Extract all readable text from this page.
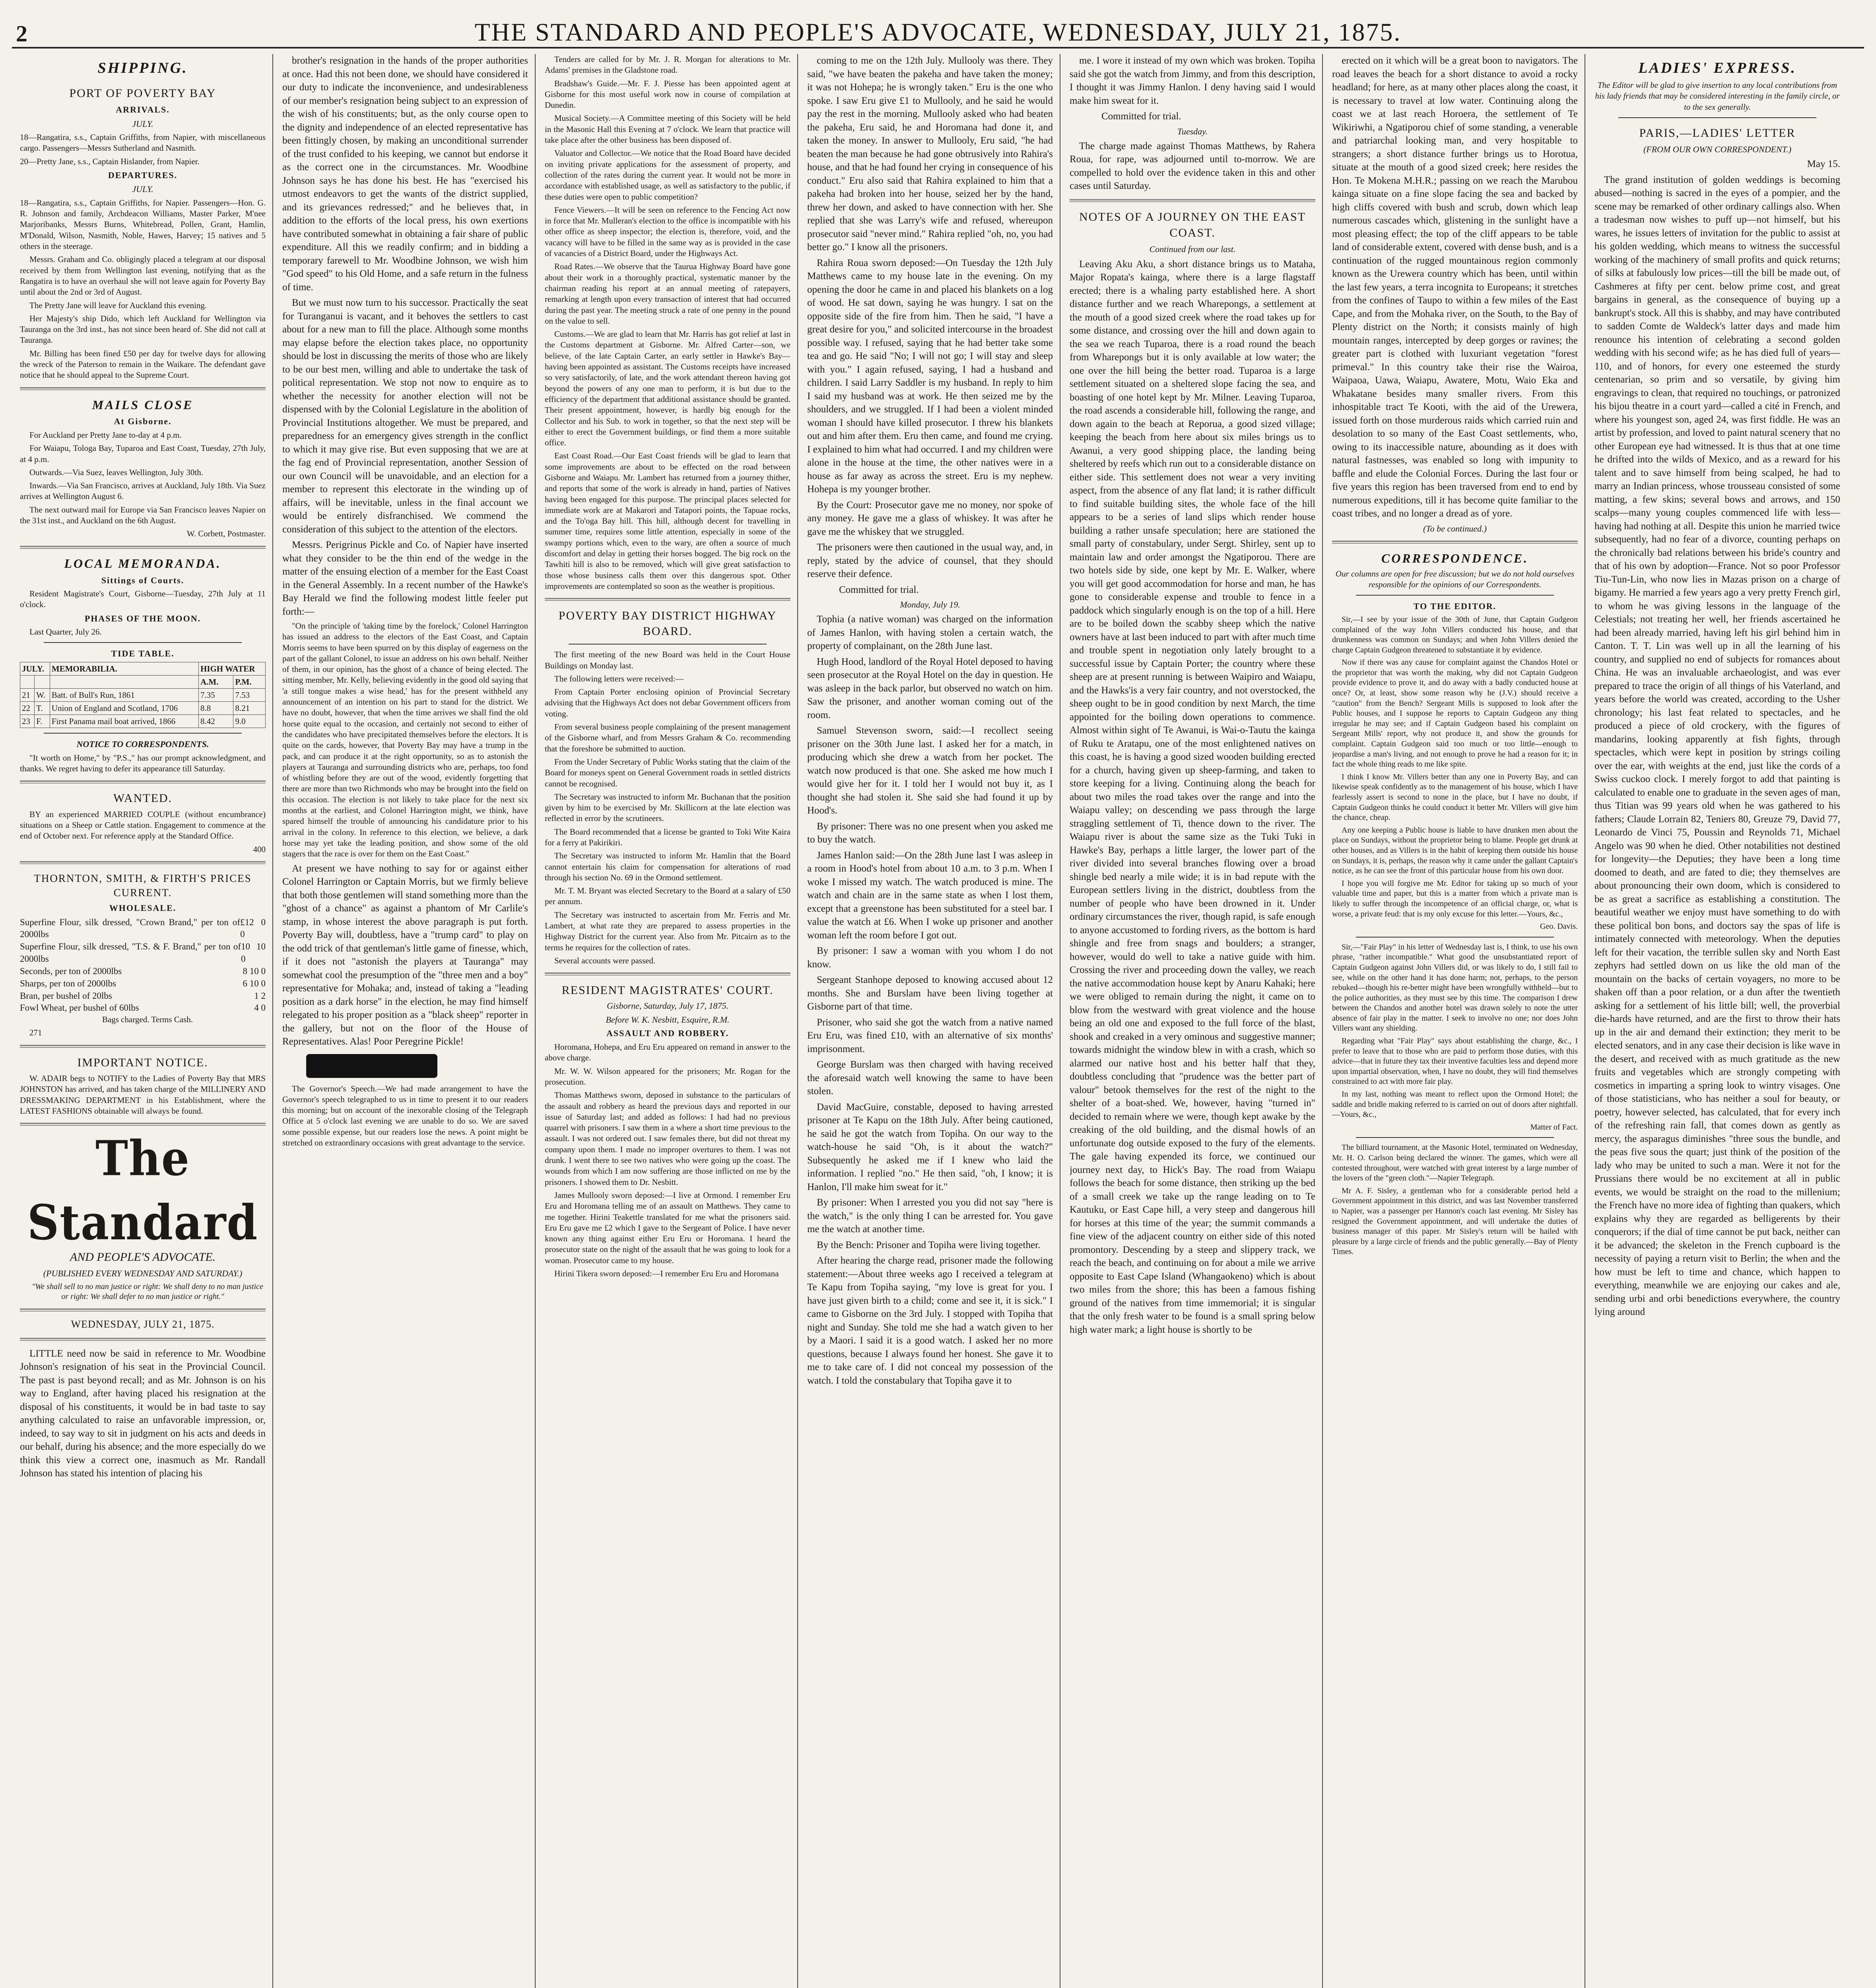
2	THE STANDARD AND PEOPLE'S ADVOCATE, WEDNESDAY, JULY 21, 1875.
SHIPPING.
PORT OF POVERTY BAY
ARRIVALS.
JULY.

18—Rangatira, s.s., Captain Griffiths, from Napier, with miscellaneous cargo. Passengers—Messrs Sutherland and Nasmith.

20—Pretty Jane, s.s., Captain Hislander, from Napier.

DEPARTURES.
JULY.

18—Rangatira, s.s., Captain Griffiths, for Napier. Passengers—Hon. G. R. Johnson and family, Archdeacon Williams, Master Parker, M'nee Marjoribanks, Messrs Burns, Whitebread, Pollen, Grant, Hamlin, M'Donald, Wilson, Nasmith, Noble, Hawes, Harvey; 15 natives and 5 others in the steerage.

Messrs. Graham and Co. obligingly placed a telegram at our disposal received by them from Wellington last evening, notifying that as the Rangatira is to have an overhaul she will not leave again for Poverty Bay until about the 2nd or 3rd of August.

The Pretty Jane will leave for Auckland this evening.

Her Majesty's ship Dido, which left Auckland for Wellington via Tauranga on the 3rd inst., has not since been heard of. She did not call at Tauranga.

Mr. Billing has been fined £50 per day for twelve days for allowing the wreck of the Paterson to remain in the Waikare. The defendant gave notice that he should appeal to the Supreme Court.

MAILS CLOSE
At Gisborne.

For Auckland per Pretty Jane to-day at 4 p.m.

For Waiapu, Tologa Bay, Tuparoa and East Coast, Tuesday, 27th July, at 4 p.m.

Outwards.—Via Suez, leaves Wellington, July 30th.

Inwards.—Via San Francisco, arrives at Auckland, July 18th. Via Suez arrives at Wellington August 6.

The next outward mail for Europe via San Francisco leaves Napier on the 31st inst., and Auckland on the 6th August.

W. Corbett, Postmaster.

LOCAL MEMORANDA.
Sittings of Courts.

Resident Magistrate's Court, Gisborne—Tuesday, 27th July at 11 o'clock.

PHASES OF THE MOON.

Last Quarter, July 26.

TIDE TABLE.
JULY.		MEMORABILIA.	HIGH WATER	
			A.M.	P.M.
21	W.	Batt. of Bull's Run, 1861	7.35	7.53
22	T.	Union of England and Scotland, 1706	8.8	8.21
23	F.	First Panama mail boat arrived, 1866	8.42	9.0
NOTICE TO CORRESPONDENTS.

"It worth on Home," by "P.S.," has our prompt acknowledgment, and thanks. We regret having to defer its appearance till Saturday.

WANTED.

BY an experienced MARRIED COUPLE (without encumbrance) situations on a Sheep or Cattle station. Engagement to commence at the end of October next. For reference apply at the Standard Office.

400

THORNTON, SMITH, & FIRTH'S PRICES CURRENT.
WHOLESALE.
Superfine Flour, silk dressed, "Crown Brand," per ton of 2000lbs
£12 0 0
Superfine Flour, silk dressed, "T.S. & F. Brand," per ton of 2000lbs
10 10 0
Seconds, per ton of 2000lbs	8 10 0
Sharps, per ton of 2000lbs	6 10 0
Bran, per bushel of 20lbs	1 2
Fowl Wheat, per bushel of 60lbs	4 0

Bags charged. Terms Cash.

271

IMPORTANT NOTICE.

W. ADAIR begs to NOTIFY to the Ladies of Poverty Bay that MRS JOHNSTON has arrived, and has taken charge of the MILLINERY AND DRESSMAKING DEPARTMENT in his Establishment, where the LATEST FASHIONS obtainable will always be found.

The Standard
AND PEOPLE'S ADVOCATE.
(PUBLISHED EVERY WEDNESDAY AND SATURDAY.)

"We shall sell to no man justice or right: We shall deny to no man justice or right: We shall defer to no man justice or right."

WEDNESDAY, JULY 21, 1875.

LITTLE need now be said in reference to Mr. Woodbine Johnson's resignation of his seat in the Provincial Council. The past is past beyond recall; and as Mr. Johnson is on his way to England, after having placed his resignation at the disposal of his constituents, it would be in bad taste to say anything calculated to raise an unfavorable impression, or, indeed, to say way to sit in judgment on his acts and deeds in our behalf, during his absence; and the more especially do we think this view a correct one, inasmuch as Mr. Randall Johnson has stated his intention of placing his

brother's resignation in the hands of the proper authorities at once. Had this not been done, we should have considered it our duty to indicate the inconvenience, and undesirableness of our member's resignation being subject to an expression of the wish of his constituents; but, as the only course open to the dignity and independence of an elected representative has been fittingly chosen, by making an unconditional surrender of the trust confided to his keeping, we cannot but endorse it as the correct one in the circumstances. Mr. Woodbine Johnson says he has done his best. He has "exercised his utmost endeavors to get the wants of the district supplied, and its grievances redressed;" and he believes that, in addition to the efforts of the local press, his own exertions have contributed somewhat in obtaining a fair share of public expenditure. All this we readily confirm; and in bidding a temporary farewell to Mr. Woodbine Johnson, we wish him "God speed" to his Old Home, and a safe return in the fulness of time.

But we must now turn to his successor. Practically the seat for Turanganui is vacant, and it behoves the settlers to cast about for a new man to fill the place. Although some months may elapse before the election takes place, no opportunity should be lost in discussing the merits of those who are likely to be our best men, willing and able to undertake the task of political representation. We stop not now to enquire as to whether the necessity for another election will not be dispensed with by the Colonial Legislature in the abolition of Provincial Institutions altogether. We must be prepared, and preparedness for an emergency gives strength in the conflict to which it may give rise. But even supposing that we are at the fag end of Provincial representation, another Session of our own Council will be unavoidable, and an election for a member to represent this electorate in the winding up of affairs, will be inevitable, unless in the final account we would be entirely disfranchised. We commend the consideration of this subject to the attention of the electors.

Messrs. Perigrinus Pickle and Co. of Napier have inserted what they consider to be the thin end of the wedge in the matter of the ensuing election of a member for the East Coast in the General Assembly. In a recent number of the Hawke's Bay Herald we find the following modest little feeler put forth:—

"On the principle of 'taking time by the forelock,' Colonel Harrington has issued an address to the electors of the East Coast, and Captain Morris seems to have been spurred on by this display of eagerness on the part of the gallant Colonel, to issue an address on his own behalf. Neither of them, in our opinion, has the ghost of a chance of being elected. The sitting member, Mr. Kelly, believing evidently in the good old saying that 'a still tongue makes a wise head,' has for the present withheld any announcement of an intention on his part to stand for the district. We have no doubt, however, that when the time arrives we shall find the old horse quite equal to the occasion, and certainly not second to either of the candidates who have precipitated themselves before the electors. It is quite on the cards, however, that Poverty Bay may have a trump in the pack, and can produce it at the right opportunity, so as to astonish the players at Tauranga and surrounding districts who are, perhaps, too fond of whistling before they are out of the wood, evidently forgetting that there are more than two Richmonds who may be brought into the field on this occasion. The election is not likely to take place for the next six months at the earliest, and Colonel Harrington might, we think, have spared himself the trouble of announcing his candidature prior to his arrival in the colony. In reference to this election, we believe, a dark horse may yet take the leading position, and show some of the old stagers that the race is over for them on the East Coast."

At present we have nothing to say for or against either Colonel Harrington or Captain Morris, but we firmly believe that both those gentlemen will stand something more than the "ghost of a chance" as against a phantom of Mr Carlile's stamp, in whose interest the above paragraph is put forth. Poverty Bay will, doubtless, have a "trump card" to play on the odd trick of that gentleman's little game of finesse, which, if it does not "astonish the players at Tauranga" may somewhat cool the presumption of the "three men and a boy" representative for Mohaka; and, instead of taking a "leading position as a dark horse" in the election, he may find himself relegated to his proper position as a "black sheep" reporter in the gallery, but not on the floor of the House of Representatives. Alas! Poor Peregrine Pickle!

The Governor's Speech.—We had made arrangement to have the Governor's speech telegraphed to us in time to present it to our readers this morning; but on account of the inexorable closing of the Telegraph Office at 5 o'clock last evening we are unable to do so. We are saved some possible expense, but our readers lose the news. A point might be stretched on extraordinary occasions with great advantage to the service.

Tenders are called for by Mr. J. R. Morgan for alterations to Mr. Adams' premises in the Gladstone road.

Bradshaw's Guide.—Mr. F. J. Piesse has been appointed agent at Gisborne for this most useful work now in course of compilation at Dunedin.

Musical Society.—A Committee meeting of this Society will be held in the Masonic Hall this Evening at 7 o'clock. We learn that practice will take place after the other business has been disposed of.

Valuator and Collector.—We notice that the Road Board have decided on inviting private applications for the assessment of property, and collection of the rates during the current year. It would not be more in accordance with established usage, as well as satisfactory to the public, if these duties were open to public competition?

Fence Viewers.—It will be seen on reference to the Fencing Act now in force that Mr. Mulleran's election to the office is incompatible with his other office as sheep inspector; the election is, therefore, void, and the vacancy will have to be filled in the same way as is provided in the case of vacancies of a District Board, under the Highways Act.

Road Rates.—We observe that the Taurua Highway Board have gone about their work in a thoroughly practical, systematic manner by the chairman reading his report at an annual meeting of ratepayers, remarking at length upon every transaction of interest that had occurred during the past year. The meeting struck a rate of one penny in the pound on the value to sell.

Customs.—We are glad to learn that Mr. Harris has got relief at last in the Customs department at Gisborne. Mr. Alfred Carter—son, we believe, of the late Captain Carter, an early settler in Hawke's Bay—having been appointed as assistant. The Customs receipts have increased so very satisfactorily, of late, and the work attendant thereon having got beyond the powers of any one man to perform, it is but due to the efficiency of the department that additional assistance should be granted. Their present appointment, however, is hardly big enough for the Collector and his Sub. to work in together, so that the next step will be either to erect the Government buildings, or find them a more suitable office.

East Coast Road.—Our East Coast friends will be glad to learn that some improvements are about to be effected on the road between Gisborne and Waiapu. Mr. Lambert has returned from a journey thither, and reports that some of the work is already in hand, parties of Natives having been engaged for this purpose. The principal places selected for immediate work are at Makarori and Tatapori points, the Tapuae rocks, and the To'oga Bay hill. This hill, although decent for travelling in summer time, requires some little attention, especially in some of the swampy portions which, even to the wary, are often a source of much discomfort and delay in getting their horses bogged. The big rock on the Tawhiti hill is also to be removed, which will give great satisfaction to those whose business calls them over this dangerous spot. Other improvements are contemplated so soon as the weather is propitious.

POVERTY BAY DISTRICT HIGHWAY BOARD.

The first meeting of the new Board was held in the Court House Buildings on Monday last.

The following letters were received:—

From Captain Porter enclosing opinion of Provincial Secretary advising that the Highways Act does not debar Government officers from voting.

From several business people complaining of the present management of the Gisborne wharf, and from Messrs Graham & Co. recommending that the foreshore be submitted to auction.

From the Under Secretary of Public Works stating that the claim of the Board for moneys spent on General Government roads in settled districts cannot be recognised.

The Secretary was instructed to inform Mr. Buchanan that the position given by him to be exercised by Mr. Skillicorn at the late election was reflected in error by the scrutineers.

The Board recommended that a license be granted to Toki Wite Kaira for a ferry at Pakirikiri.

The Secretary was instructed to inform Mr. Hamlin that the Board cannot entertain his claim for compensation for alterations of road through his section No. 69 in the Ormond settlement.

Mr. T. M. Bryant was elected Secretary to the Board at a salary of £50 per annum.

The Secretary was instructed to ascertain from Mr. Ferris and Mr. Lambert, at what rate they are prepared to assess properties in the Highway District for the current year. Also from Mr. Pitcairn as to the terms he requires for the collection of rates.

Several accounts were passed.

RESIDENT MAGISTRATES' COURT.
Gisborne, Saturday, July 17, 1875.
Before W. K. Nesbitt, Esquire, R.M.
ASSAULT AND ROBBERY.

Horomana, Hohepa, and Eru Eru appeared on remand in answer to the above charge.

Mr. W. W. Wilson appeared for the prisoners; Mr. Rogan for the prosecution.

Thomas Matthews sworn, deposed in substance to the particulars of the assault and robbery as heard the previous days and reported in our issue of Saturday last; and added as follows: I had had no previous quarrel with prisoners. I saw them in a where a short time previous to the assault. I was not ordered out. I saw females there, but did not threat my company upon them. I made no improper overtures to them. I was not drunk. I went there to see two natives who were going up the coast. The wounds from which I am now suffering are those inflicted on me by the prisoners. I showed them to Dr. Nesbitt.

James Mullooly sworn deposed:—I live at Ormond. I remember Eru Eru and Horomana telling me of an assault on Matthews. They came to me together. Hirini Teakettle translated for me what the prisoners said. Eru Eru gave me £2 which I gave to the Sergeant of Police. I have never known any thing against either Eru Eru or Horomana. I heard the prosecutor state on the night of the assault that he was going to look for a woman. Prosecutor came to my house.

Hirini Tikera sworn deposed:—I remember Eru Eru and Horomana

coming to me on the 12th July. Mullooly was there. They said, "we have beaten the pakeha and have taken the money; it was not Hohepa; he is wrongly taken." Eru is the one who spoke. I saw Eru give £1 to Mullooly, and he said he would pay the rest in the morning. Mullooly asked who had beaten the pakeha, Eru said, he and Horomana had done it, and taken the money. In answer to Mullooly, Eru said, "he had beaten the man because he had gone obtrusively into Rahira's house, and that he had found her crying in consequence of his conduct." Eru also said that Rahira explained to him that a pakeha had broken into her house, seized her by the hand, threw her down, and asked to have connection with her. She replied that she was Larry's wife and refused, whereupon prosecutor said "never mind." Rahira replied "oh, no, you had better go." I know all the prisoners.

Rahira Roua sworn deposed:—On Tuesday the 12th July Matthews came to my house late in the evening. On my opening the door he came in and placed his blankets on a log of wood. He sat down, saying he was hungry. I sat on the opposite side of the fire from him. Then he said, "I have a great desire for you," and solicited intercourse in the broadest possible way. I refused, saying that he had better take some tea and go. He said "No; I will not go; I will stay and sleep with you." I again refused, saying, I had a husband and children. I said Larry Saddler is my husband. In reply to him I said my husband was at work. He then seized me by the shoulders, and we struggled. If I had been a violent minded woman I should have killed prosecutor. I threw his blankets out and him after them. Eru then came, and found me crying. I explained to him what had occurred. I and my children were alone in the house at the time, the other natives were in a house as far away as across the street. Eru is my nephew. Hohepa is my younger brother.

By the Court: Prosecutor gave me no money, nor spoke of any money. He gave me a glass of whiskey. It was after he gave me the whiskey that we struggled.

The prisoners were then cautioned in the usual way, and, in reply, stated by the advice of counsel, that they should reserve their defence.

Committed for trial.

Monday, July 19.

Tophia (a native woman) was charged on the information of James Hanlon, with having stolen a certain watch, the property of complainant, on the 28th June last.

Hugh Hood, landlord of the Royal Hotel deposed to having seen prosecutor at the Royal Hotel on the day in question. He was asleep in the back parlor, but observed no watch on him. Saw the prisoner, and another woman coming out of the room.

Samuel Stevenson sworn, said:—I recollect seeing prisoner on the 30th June last. I asked her for a match, in producing which she drew a watch from her pocket. The watch now produced is that one. She asked me how much I would give her for it. I told her I would not buy it, as I thought she had stolen it. She said she had found it up by Hood's.

By prisoner: There was no one present when you asked me to buy the watch.

James Hanlon said:—On the 28th June last I was asleep in a room in Hood's hotel from about 10 a.m. to 3 p.m. When I woke I missed my watch. The watch produced is mine. The watch and chain are in the same state as when I lost them, except that a greenstone has been substituted for a steel bar. I value the watch at £6. When I woke up prisoner and another woman left the room before I got out.

By prisoner: I saw a woman with you whom I do not know.

Sergeant Stanhope deposed to knowing accused about 12 months. She and Burslam have been living together at Gisborne part of that time.

Prisoner, who said she got the watch from a native named Eru Eru, was fined £10, with an alternative of six months' imprisonment.

George Burslam was then charged with having received the aforesaid watch well knowing the same to have been stolen.

David MacGuire, constable, deposed to having arrested prisoner at Te Kapu on the 18th July. After being cautioned, he said he got the watch from Topiha. On our way to the watch-house he said "Oh, is it about the watch?" Subsequently he asked me if I knew who laid the information. I replied "no." He then said, "oh, I know; it is Hanlon, I'll make him sweat for it."

By prisoner: When I arrested you you did not say "here is the watch," is the only thing I can be arrested for. You gave me the watch at another time.

By the Bench: Prisoner and Topiha were living together.

After hearing the charge read, prisoner made the following statement:—About three weeks ago I received a telegram at Te Kapu from Topiha saying, "my love is great for you. I have just given birth to a child; come and see it, it is sick." I came to Gisborne on the 3rd July. I stopped with Topiha that night and Sunday. She told me she had a watch given to her by a Maori. I said it is a good watch. I asked her no more questions, because I always found her honest. She gave it to me to take care of. I did not conceal my possession of the watch. I told the constabulary that Topiha gave it to

me. I wore it instead of my own which was broken. Topiha said she got the watch from Jimmy, and from this description, I thought it was Jimmy Hanlon. I deny having said I would make him sweat for it.

Committed for trial.

Tuesday.

The charge made against Thomas Matthews, by Rahera Roua, for rape, was adjourned until to-morrow. We are compelled to hold over the evidence taken in this and other cases until Saturday.

NOTES OF A JOURNEY ON THE EAST COAST.
Continued from our last.

Leaving Aku Aku, a short distance brings us to Mataha, Major Ropata's kainga, where there is a large flagstaff erected; there is a whaling party established here. A short distance further and we reach Wharepongs, a settlement at the mouth of a good sized creek where the road takes up for some distance, and crossing over the hill and down again to the sea we reach Tuparoa, there is a road round the beach from Wharepongs but it is only available at low water; the one over the hill being the better road. Tuparoa is a large settlement situated on a sheltered slope facing the sea, and boasting of one hotel kept by Mr. Milner. Leaving Tuparoa, the road ascends a considerable hill, following the range, and down again to the beach at Reporua, a good sized village; keeping the beach from here about six miles brings us to Awanui, a very good shipping place, the landing being sheltered by reefs which run out to a considerable distance on either side. This settlement does not wear a very inviting aspect, from the absence of any flat land; it is rather difficult to find suitable building sites, the whole face of the hill appears to be a series of land slips which render house building a rather unsafe speculation; here are stationed the small party of constabulary, under Sergt. Shirley, sent up to maintain law and order amongst the Ngatiporou. There are two hotels side by side, one kept by Mr. E. Walker, where you will get good accommodation for horse and man, he has gone to considerable expense and trouble to fence in a paddock which singularly enough is on the top of a hill. Here are to be boiled down the scabby sheep which the native owners have at last been induced to part with after much time and trouble spent in negotiation only lately brought to a successful issue by Captain Porter; the country where these sheep are at present running is between Waipiro and Waiapu, and the Hawks'is a very fair country, and not overstocked, the sheep ought to be in good condition by next March, the time appointed for the boiling down operations to commence. Almost within sight of Te Awanui, is Wai-o-Tautu the kainga of Ruku te Aratapu, one of the most enlightened natives on this coast, he is having a good sized wooden building erected for a church, having given up sheep-farming, and taken to store keeping for a living. Continuing along the beach for about two miles the road takes over the range and into the Waiapu valley; on descending we pass through the large straggling settlement of Ti, thence down to the river. The Waiapu river is about the same size as the Tuki Tuki in Hawke's Bay, perhaps a little larger, the lower part of the river divided into several branches flowing over a broad shingle bed nearly a mile wide; it is in bad repute with the European settlers living in the district, doubtless from the number of people who have been drowned in it. Under ordinary circumstances the river, though rapid, is safe enough to anyone accustomed to fording rivers, as the bottom is hard shingle and free from snags and boulders; a stranger, however, would do well to take a native guide with him. Crossing the river and proceeding down the valley, we reach the native accommodation house kept by Anaru Kahaki; here we were obliged to remain during the night, it came on to blow from the westward with great violence and the house being an old one and exposed to the full force of the blast, shook and creaked in a very ominous and suggestive manner; towards midnight the window blew in with a crash, which so alarmed our native host and his better half that they, doubtless concluding that "prudence was the better part of valour" betook themselves for the rest of the night to the shelter of a boat-shed. We, however, having "turned in" decided to remain where we were, though kept awake by the creaking of the old building, and the dismal howls of an unfortunate dog outside exposed to the fury of the elements. The gale having expended its force, we continued our journey next day, to Hick's Bay. The road from Waiapu follows the beach for some distance, then striking up the bed of a small creek we take up the range leading on to Te Kautuku, or East Cape hill, a very steep and dangerous hill for horses at this time of the year; the summit commands a fine view of the adjacent country on either side of this noted promontory. Descending by a steep and slippery track, we reach the beach, and continuing on for about a mile we arrive opposite to East Cape Island (Whangaokeno) which is about two miles from the shore; this has been a famous fishing ground of the natives from time immemorial; it is singular that the only fresh water to be found is a small spring below high water mark; a light house is shortly to be

erected on it which will be a great boon to navigators. The road leaves the beach for a short distance to avoid a rocky headland; for here, as at many other places along the coast, it is necessary to travel at low water. Continuing along the coast we at last reach Horoera, the settlement of Te Wikiriwhi, a Ngatiporou chief of some standing, a venerable and patriarchal looking man, and very hospitable to strangers; a short distance further brings us to Horotua, situate at the mouth of a good sized creek; here resides the Hon. Te Mokena M.H.R.; passing on we reach the Marubou kainga situate on a fine slope facing the sea and backed by high cliffs covered with bush and scrub, down which leap numerous cascades which, glistening in the sunlight have a most pleasing effect; the top of the cliff appears to be table land of considerable extent, covered with dense bush, and is a continuation of the rugged mountainous region commonly known as the Urewera country which has been, until within the last few years, a terra incognita to Europeans; it stretches from the confines of Taupo to within a few miles of the East Cape, and from the Mohaka river, on the South, to the Bay of Plenty district on the North; it consists mainly of high mountain ranges, intercepted by deep gorges or ravines; the greater part is clothed with luxuriant vegetation "forest primeval." In this country take their rise the Wairoa, Waipaoa, Uawa, Waiapu, Awatere, Motu, Waio Eka and Whakatane besides many smaller rivers. From this inhospitable tract Te Kooti, with the aid of the Urewera, issued forth on those murderous raids which carried ruin and desolation to so many of the East Coast settlements, who, owing to its inaccessible nature, abounding as it does with natural fastnesses, was enabled so long with impunity to baffle and elude the Colonial Forces. During the last four or five years this region has been traversed from end to end by numerous expeditions, till it has become quite familiar to the coast tribes, and no longer a dread as of yore.

(To be continued.)
CORRESPONDENCE.

Our columns are open for free discussion; but we do not hold ourselves responsible for the opinions of our Correspondents.

TO THE EDITOR.

Sir,—I see by your issue of the 30th of June, that Captain Gudgeon complained of the way John Villers conducted his house, and that drunkenness was common on Sundays; and when John Villers denied the charge Captain Gudgeon threatened to substantiate it by evidence.

Now if there was any cause for complaint against the Chandos Hotel or the proprietor that was worth the making, why did not Captain Gudgeon provide evidence to prove it, and do away with a badly conducted house at once? Or, at least, show some reason why he (J.V.) should receive a "caution" from the Bench? Sergeant Mills is supposed to look after the Public houses, and I suppose he reports to Captain Gudgeon any thing irregular he may see; and if Captain Gudgeon based his complaint on Sergeant Mills' report, why not produce it, and show the grounds for complaint. Captain Gudgeon said too much or too little—enough to jeopardise a man's living, and not enough to prove he had a reason for it; in fact the whole thing reads to me like spite.

I think I know Mr. Villers better than any one in Poverty Bay, and can likewise speak confidently as to the management of his house, which I have fearlessly assert is second to none in the place, but I have no doubt, if Captain Gudgeon thinks he could conduct it better Mr. Villers will give him the chance, cheap.

Any one keeping a Public house is liable to have drunken men about the place on Sundays, without the proprietor being to blame. People get drunk at other houses, and as Villers is in the habit of keeping them outside his house on Sundays, it is, perhaps, the reason why it came under the gallant Captain's notice, as he can see the front of this particular house from his own door.

I hope you will forgive me Mr. Editor for taking up so much of your valuable time and paper, but this is a matter from which a private man is likely to suffer through the incompetence of an official charge, or, what is worse, a private feud: that is my only excuse for this letter.—Yours, &c.,

Geo. Davis.

Sir,—"Fair Play" in his letter of Wednesday last is, I think, to use his own phrase, "rather incompatible." What good the unsubstantiated report of Captain Gudgeon against John Villers did, or was likely to do, I still fail to see, while on the other hand it has done harm; not, perhaps, to the person rebuked—though his re-better might have been wrongfully withheld—but to the police authorities, as they must see by this time. The comparison I drew between the Chandos and another hotel was drawn solely to note the utter absence of fair play in the matter. I seek to involve no one; nor does John Villers want any shielding.

Regarding what "Fair Play" says about establishing the charge, &c., I prefer to leave that to those who are paid to perform those duties, with this advice—that in future they tax their inventive faculties less and depend more upon impartial observation, when, I have no doubt, they will find themselves constrained to act with more fair play.

In my last, nothing was meant to reflect upon the Ormond Hotel; the saddle and bridle making referred to is carried on out of doors after nightfall.—Yours, &c.,

Matter of Fact.

The billiard tournament, at the Masonic Hotel, terminated on Wednesday, Mr. H. O. Carlson being declared the winner. The games, which were all contested throughout, were watched with great interest by a large number of the lovers of the "green cloth."—Napier Telegraph.

Mr A. F. Sisley, a gentleman who for a considerable period held a Government appointment in this district, and was last November transferred to Napier, was a passenger per Hannon's coach last evening. Mr Sisley has resigned the Government appointment, and will undertake the duties of business manager of this paper. Mr Sisley's return will be hailed with pleasure by a large circle of friends and the public generally.—Bay of Plenty Times.

LADIES' EXPRESS.

The Editor will be glad to give insertion to any local contributions from his lady friends that may be considered interesting in the family circle, or to the sex generally.

PARIS,—LADIES' LETTER
(FROM OUR OWN CORRESPONDENT.)

May 15.

The grand institution of golden weddings is becoming abused—nothing is sacred in the eyes of a pompier, and the scene may be remarked of other ordinary callings also. When a tradesman now wishes to puff up—not himself, but his wares, he issues letters of invitation for the public to assist at his golden wedding, which means to witness the successful working of the machinery of small profits and quick returns; of silks at fabulously low prices—till the bill be made out, of Cashmeres at fifty per cent. below prime cost, and great bargains in general, as the consequence of buying up a bankrupt's stock. All this is shabby, and may have contributed to sadden Comte de Waldeck's latter days and made him renounce his intention of celebrating a second golden wedding with his second wife; as he has died full of years—110, and of honors, for every one esteemed the sturdy centenarian, so prim and so versatile, by giving him engravings to clean, that required no touchings, or patronized his bijou theatre in a court yard—called a cité in French, and where his youngest son, aged 24, was first fiddle. He was an artist by profession, and loved to paint natural scenery that no other European eye had witnessed. It is thus that at one time he drifted into the wilds of Mexico, and as a reward for his talent and to save himself from being scalped, he had to marry an Indian princess, whose trousseau consisted of some matting, a few skins; several bows and arrows, and 150 scalps—many young couples commenced life with less—having had nothing at all. Despite this union he married twice subsequently, had no fear of a divorce, counting perhaps on the chronically bad relations between his bride's country and that of his own by adoption—France. Not so poor Professor Tiu-Tun-Lin, who now lies in Mazas prison on a charge of bigamy. He married a few years ago a very pretty French girl, to whom he was giving lessons in the language of the Celestials; not treating her well, her friends ascertained he had been already married, having left his girl behind him in Canton. T. T. Lin was well up in all the learning of his country, and supplied no end of subjects for romances about China. He was an invaluable archaeologist, and was ever prepared to trace the origin of all things of his Vaterland, and years before the world was created, according to the Usher chronology; his last feat related to spectacles, and he produced a piece of old crockery, with the figures of mandarins, looking apparently at fish fights, through spectacles, which were kept in position by strings coiling over the ear, with weights at the end, just like the cords of a Swiss cuckoo clock. I merely forgot to add that painting is calculated to enable one to graduate in the seven ages of man, thus Titian was 99 years old when he was gathered to his fathers; Claude Lorrain 82, Teniers 80, Greuze 79, David 77, Leonardo de Vinci 75, Poussin and Reynolds 71, Michael Angelo was 90 when he died. Other notabilities not destined for longevity—the Deputies; they have been a long time doomed to death, and are fated to die; they themselves are about pronouncing their own doom, which is considered to be as great a sacrifice as establishing a constitution. The beautiful weather we enjoy must have something to do with these political bon bons, and doctors say the spas of life is intimately connected with meteorology. When the deputies left for their vacation, the terrible sullen sky and North East zephyrs had settled down on us like the old man of the mountain on the backs of certain voyagers, no more to be shaken off than a poor relation, or a dun after the twentieth asking for a settlement of his little bill; well, the proverbial die-hards have returned, and are the first to throw their hats up in the air and demand their extinction; they merit to be elected senators, and in any case their decision is like wave in the desert, and received with as much gratitude as the new fruits and vegetables which are strongly competing with cosmetics in imparting a spring look to wintry visages. One of those statisticians, who has neither a soul for beauty, or poetry, however selected, has calculated, that for every inch of the refreshing rain fall, that comes down as gently as mercy, the asparagus diminishes "three sous the bundle, and the peas five sous the quart; just think of the position of the lady who may be united to such a man. Were it not for the Prussians there would be no excitement at all in public events, we would be straight on the road to the millenium; the French have no more idea of fighting than quakers, which explains why they are regarded as belligerents by their conquerors; if the dial of time cannot be put back, neither can it be advanced; the skeleton in the French cupboard is the necessity of paying a return visit to Berlin; the when and the how must be left to time and chance, which happen to everything, meanwhile we are enjoying our cakes and ale, sending urbi and orbi benedictions everywhere, the country lying around
